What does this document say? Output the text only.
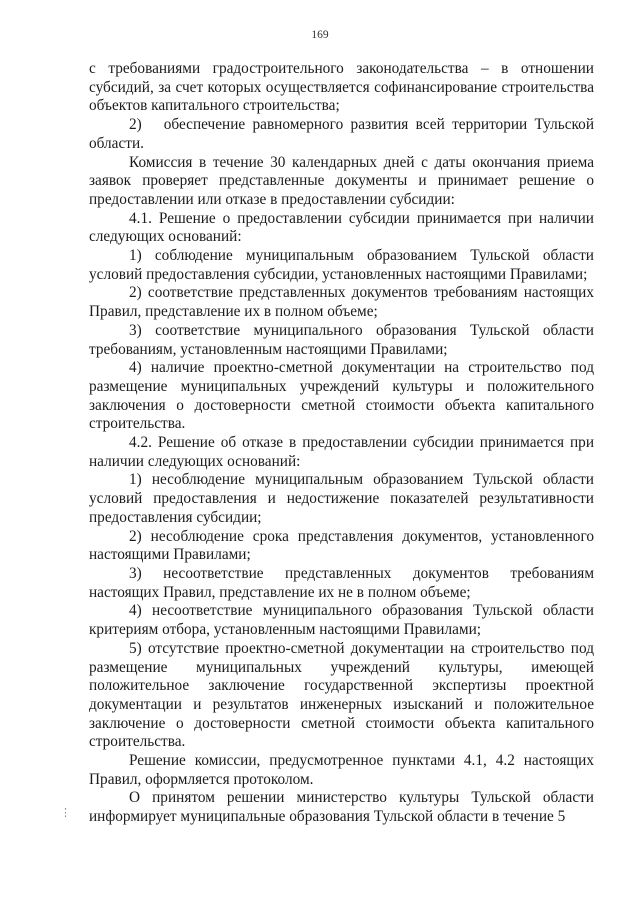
169

с требованиями градостроительного законодательства – в отношении субсидий, за счет которых осуществляется софинансирование строительства объектов капитального строительства;

2) обеспечение равномерного развития всей территории Тульской области.

Комиссия в течение 30 календарных дней с даты окончания приема заявок проверяет представленные документы и принимает решение о предоставлении или отказе в предоставлении субсидии:

4.1. Решение о предоставлении субсидии принимается при наличии следующих оснований:

1) соблюдение муниципальным образованием Тульской области условий предоставления субсидии, установленных настоящими Правилами;

2) соответствие представленных документов требованиям настоящих Правил, представление их в полном объеме;

3) соответствие муниципального образования Тульской области требованиям, установленным настоящими Правилами;

4) наличие проектно-сметной документации на строительство под размещение муниципальных учреждений культуры и положительного заключения о достоверности сметной стоимости объекта капитального строительства.

4.2. Решение об отказе в предоставлении субсидии принимается при наличии следующих оснований:

1) несоблюдение муниципальным образованием Тульской области условий предоставления и недостижение показателей результативности предоставления субсидии;

2) несоблюдение срока представления документов, установленного настоящими Правилами;

3) несоответствие представленных документов требованиям настоящих Правил, представление их не в полном объеме;

4) несоответствие муниципального образования Тульской области критериям отбора, установленным настоящими Правилами;

5) отсутствие проектно-сметной документации на строительство под размещение муниципальных учреждений культуры, имеющей положительное заключение государственной экспертизы проектной документации и результатов инженерных изысканий и положительное заключение о достоверности сметной стоимости объекта капитального строительства.

Решение комиссии, предусмотренное пунктами 4.1, 4.2 настоящих Правил, оформляется протоколом.

О принятом решении министерство культуры Тульской области информирует муниципальные образования Тульской области в течение 5

⋮
